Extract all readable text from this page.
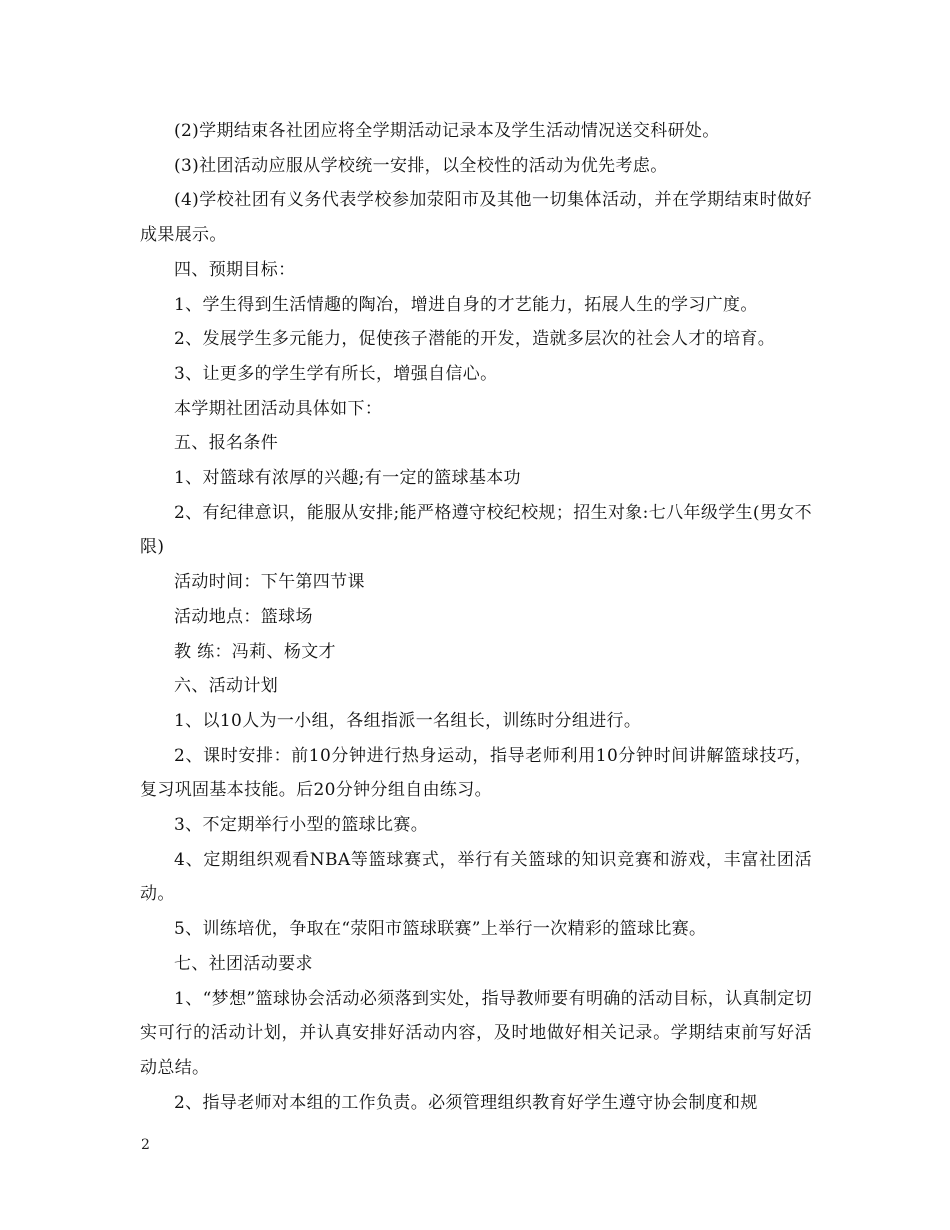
(2)学期结束各社团应将全学期活动记录本及学生活动情况送交科研处。

(3)社团活动应服从学校统一安排，以全校性的活动为优先考虑。

(4)学校社团有义务代表学校参加荥阳市及其他一切集体活动，并在学期结束时做好成果展示。

四、预期目标：

1、学生得到生活情趣的陶冶，增进自身的才艺能力，拓展人生的学习广度。

2、发展学生多元能力，促使孩子潜能的开发，造就多层次的社会人才的培育。

3、让更多的学生学有所长，增强自信心。

本学期社团活动具体如下：

五、报名条件

1、对篮球有浓厚的兴趣;有一定的篮球基本功

2、有纪律意识，能服从安排;能严格遵守校纪校规；招生对象:七八年级学生(男女不限)

活动时间：下午第四节课

活动地点：篮球场

教 练：冯莉、杨文才

六、活动计划

1、以10人为一小组，各组指派一名组长，训练时分组进行。

2、课时安排：前10分钟进行热身运动，指导老师利用10分钟时间讲解篮球技巧，复习巩固基本技能。后20分钟分组自由练习。

3、不定期举行小型的篮球比赛。

4、定期组织观看NBA等篮球赛式，举行有关篮球的知识竞赛和游戏，丰富社团活动。

5、训练培优，争取在“荥阳市篮球联赛”上举行一次精彩的篮球比赛。

七、社团活动要求

1、“梦想”篮球协会活动必须落到实处，指导教师要有明确的活动目标，认真制定切实可行的活动计划，并认真安排好活动内容，及时地做好相关记录。学期结束前写好活动总结。

2、指导老师对本组的工作负责。必须管理组织教育好学生遵守协会制度和规

2
